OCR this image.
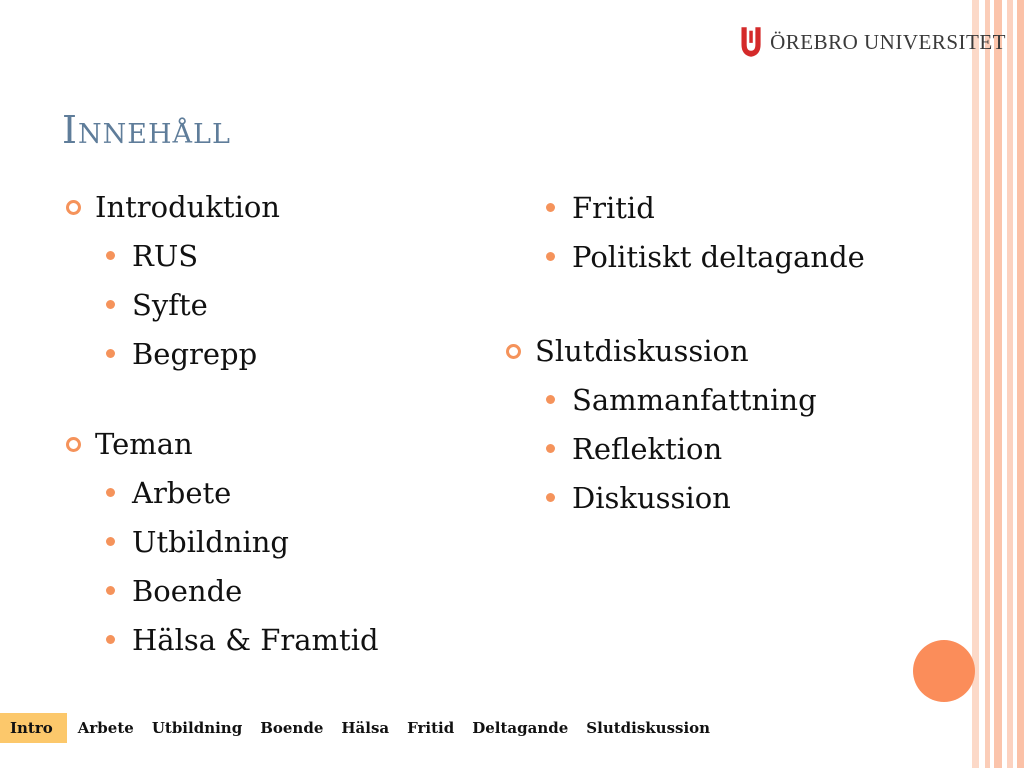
ÖREBRO UNIVERSITET
Innehåll
Introduktion
RUS
Syfte
Begrepp
Teman
Arbete
Utbildning
Boende
Hälsa & Framtid
Fritid
Politiskt deltagande
Slutdiskussion
Sammanfattning
Reflektion
Diskussion
Intro	Arbete	Utbildning	Boende	Hälsa	Fritid	Deltagande	Slutdiskussion
